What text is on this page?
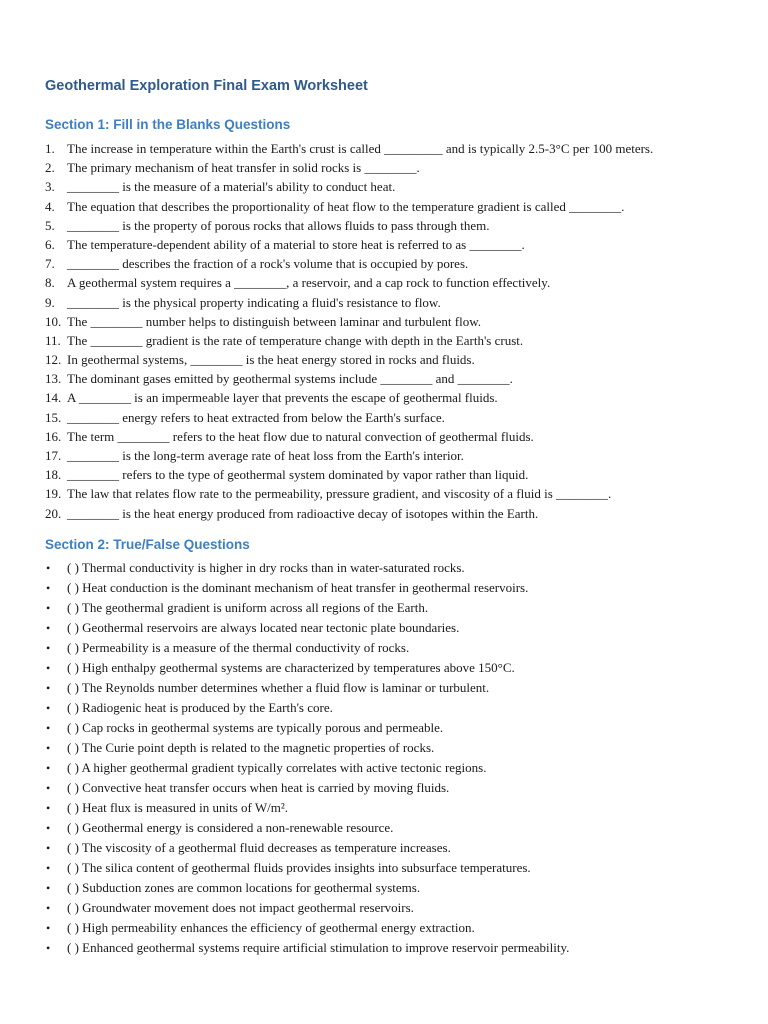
Geothermal Exploration Final Exam Worksheet
Section 1: Fill in the Blanks Questions
1. The increase in temperature within the Earth's crust is called _________ and is typically 2.5-3°C per 100 meters.
2. The primary mechanism of heat transfer in solid rocks is ________.
3. ________ is the measure of a material's ability to conduct heat.
4. The equation that describes the proportionality of heat flow to the temperature gradient is called ________.
5. ________ is the property of porous rocks that allows fluids to pass through them.
6. The temperature-dependent ability of a material to store heat is referred to as ________.
7. ________ describes the fraction of a rock's volume that is occupied by pores.
8. A geothermal system requires a ________, a reservoir, and a cap rock to function effectively.
9. ________ is the physical property indicating a fluid's resistance to flow.
10. The ________ number helps to distinguish between laminar and turbulent flow.
11. The ________ gradient is the rate of temperature change with depth in the Earth's crust.
12. In geothermal systems, ________ is the heat energy stored in rocks and fluids.
13. The dominant gases emitted by geothermal systems include ________ and ________.
14. A ________ is an impermeable layer that prevents the escape of geothermal fluids.
15. ________ energy refers to heat extracted from below the Earth's surface.
16. The term ________ refers to the heat flow due to natural convection of geothermal fluids.
17. ________ is the long-term average rate of heat loss from the Earth's interior.
18. ________ refers to the type of geothermal system dominated by vapor rather than liquid.
19. The law that relates flow rate to the permeability, pressure gradient, and viscosity of a fluid is ________.
20. ________ is the heat energy produced from radioactive decay of isotopes within the Earth.
Section 2: True/False Questions
• ( ) Thermal conductivity is higher in dry rocks than in water-saturated rocks.
• ( ) Heat conduction is the dominant mechanism of heat transfer in geothermal reservoirs.
• ( ) The geothermal gradient is uniform across all regions of the Earth.
• ( ) Geothermal reservoirs are always located near tectonic plate boundaries.
• ( ) Permeability is a measure of the thermal conductivity of rocks.
• ( ) High enthalpy geothermal systems are characterized by temperatures above 150°C.
• ( ) The Reynolds number determines whether a fluid flow is laminar or turbulent.
• ( ) Radiogenic heat is produced by the Earth's core.
• ( ) Cap rocks in geothermal systems are typically porous and permeable.
• ( ) The Curie point depth is related to the magnetic properties of rocks.
• ( ) A higher geothermal gradient typically correlates with active tectonic regions.
• ( ) Convective heat transfer occurs when heat is carried by moving fluids.
• ( ) Heat flux is measured in units of W/m².
• ( ) Geothermal energy is considered a non-renewable resource.
• ( ) The viscosity of a geothermal fluid decreases as temperature increases.
• ( ) The silica content of geothermal fluids provides insights into subsurface temperatures.
• ( ) Subduction zones are common locations for geothermal systems.
• ( ) Groundwater movement does not impact geothermal reservoirs.
• ( ) High permeability enhances the efficiency of geothermal energy extraction.
• ( ) Enhanced geothermal systems require artificial stimulation to improve reservoir permeability.
